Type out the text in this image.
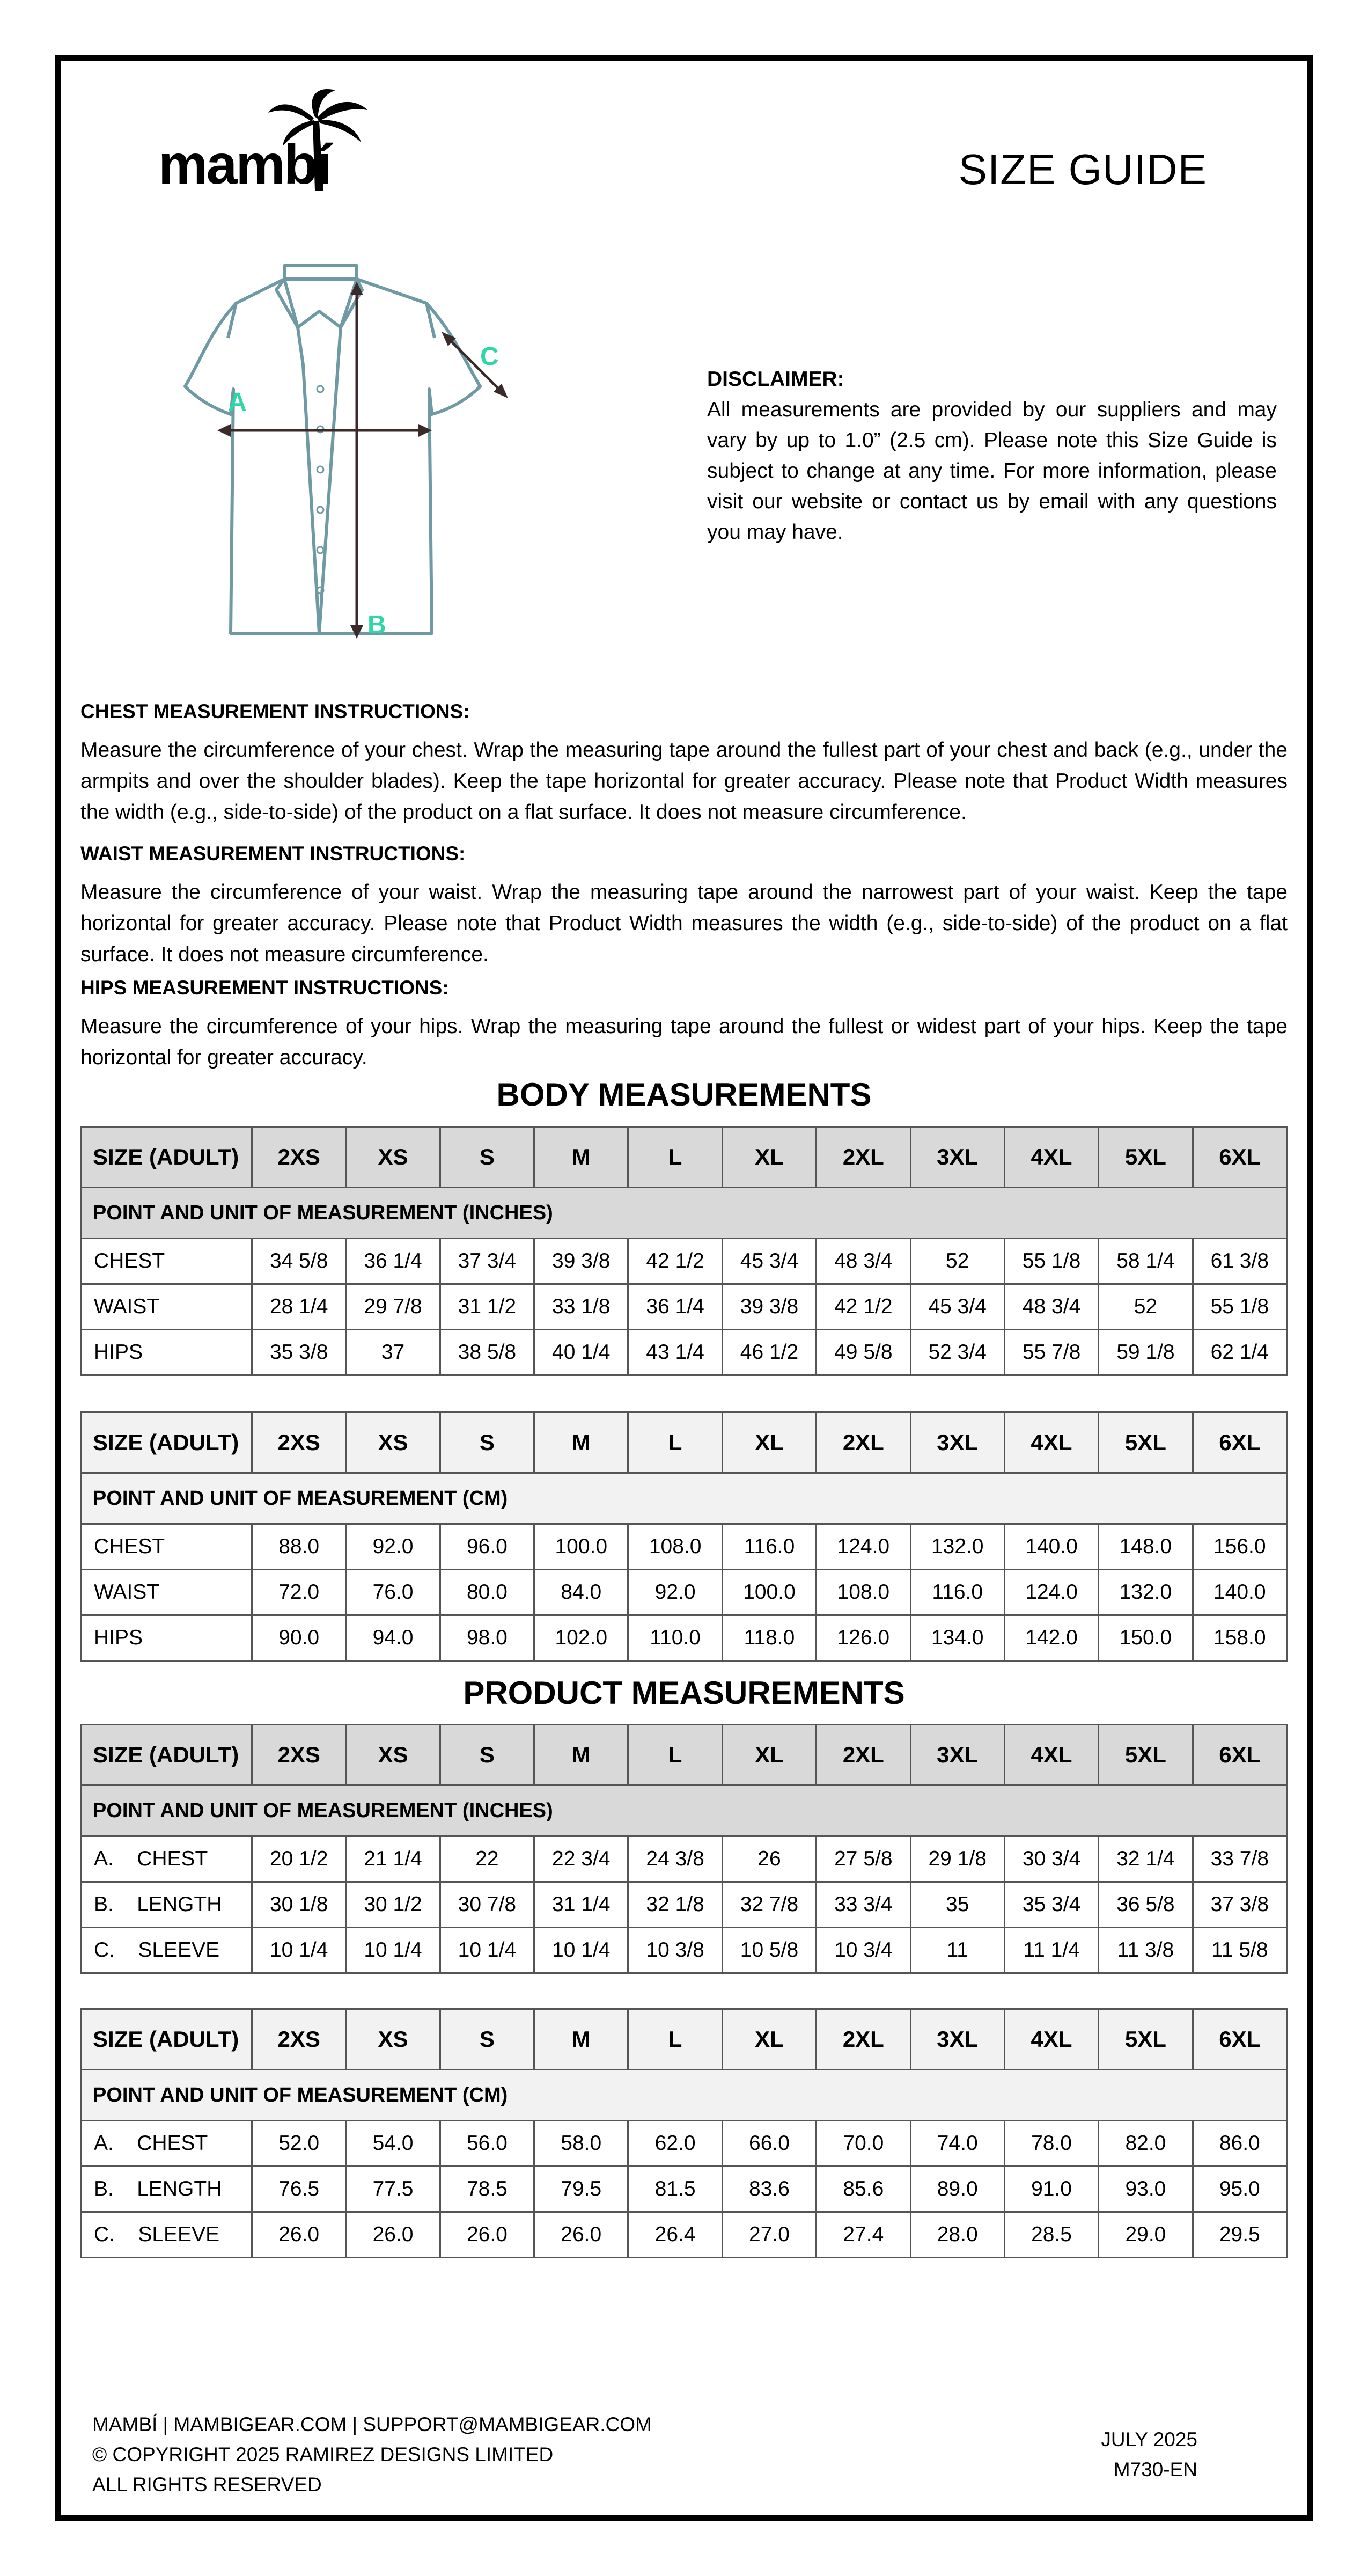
mambí	SIZE GUIDE
A
B
C
DISCLAIMER:
All measurements are provided by our suppliers and may vary by up to 1.0” (2.5 cm). Please note this Size Guide is subject to change at any time. For more information, please visit our website or contact us by email with any questions you may have.
CHEST MEASUREMENT INSTRUCTIONS:
Measure the circumference of your chest. Wrap the measuring tape around the fullest part of your chest and back (e.g., under the armpits and over the shoulder blades). Keep the tape horizontal for greater accuracy. Please note that Product Width measures the width (e.g., side-to-side) of the product on a flat surface. It does not measure circumference.
WAIST MEASUREMENT INSTRUCTIONS:
Measure the circumference of your waist. Wrap the measuring tape around the narrowest part of your waist. Keep the tape horizontal for greater accuracy. Please note that Product Width measures the width (e.g., side-to-side) of the product on a flat surface. It does not measure circumference.
HIPS MEASUREMENT INSTRUCTIONS:
Measure the circumference of your hips. Wrap the measuring tape around the fullest or widest part of your hips. Keep the tape horizontal for greater accuracy.
BODY MEASUREMENTS
SIZE (ADULT)	2XS	XS	S	M	L	XL	2XL	3XL	4XL	5XL	6XL
POINT AND UNIT OF MEASUREMENT (INCHES)											
CHEST	34 5/8	36 1/4	37 3/4	39 3/8	42 1/2	45 3/4	48 3/4	52	55 1/8	58 1/4	61 3/8
WAIST	28 1/4	29 7/8	31 1/2	33 1/8	36 1/4	39 3/8	42 1/2	45 3/4	48 3/4	52	55 1/8
HIPS	35 3/8	37	38 5/8	40 1/4	43 1/4	46 1/2	49 5/8	52 3/4	55 7/8	59 1/8	62 1/4
SIZE (ADULT)	2XS	XS	S	M	L	XL	2XL	3XL	4XL	5XL	6XL
POINT AND UNIT OF MEASUREMENT (CM)											
CHEST	88.0	92.0	96.0	100.0	108.0	116.0	124.0	132.0	140.0	148.0	156.0
WAIST	72.0	76.0	80.0	84.0	92.0	100.0	108.0	116.0	124.0	132.0	140.0
HIPS	90.0	94.0	98.0	102.0	110.0	118.0	126.0	134.0	142.0	150.0	158.0
PRODUCT MEASUREMENTS
SIZE (ADULT)	2XS	XS	S	M	L	XL	2XL	3XL	4XL	5XL	6XL
POINT AND UNIT OF MEASUREMENT (INCHES)											
A.    CHEST	20 1/2	21 1/4	22	22 3/4	24 3/8	26	27 5/8	29 1/8	30 3/4	32 1/4	33 7/8
B.    LENGTH	30 1/8	30 1/2	30 7/8	31 1/4	32 1/8	32 7/8	33 3/4	35	35 3/4	36 5/8	37 3/8
C.    SLEEVE	10 1/4	10 1/4	10 1/4	10 1/4	10 3/8	10 5/8	10 3/4	11	11 1/4	11 3/8	11 5/8
SIZE (ADULT)	2XS	XS	S	M	L	XL	2XL	3XL	4XL	5XL	6XL
POINT AND UNIT OF MEASUREMENT (CM)											
A.    CHEST	52.0	54.0	56.0	58.0	62.0	66.0	70.0	74.0	78.0	82.0	86.0
B.    LENGTH	76.5	77.5	78.5	79.5	81.5	83.6	85.6	89.0	91.0	93.0	95.0
C.    SLEEVE	26.0	26.0	26.0	26.0	26.4	27.0	27.4	28.0	28.5	29.0	29.5
MAMBÍ | MAMBIGEAR.COM | SUPPORT@MAMBIGEAR.COM
© COPYRIGHT 2025 RAMIREZ DESIGNS LIMITED
ALL RIGHTS RESERVED
JULY 2025
M730-EN
